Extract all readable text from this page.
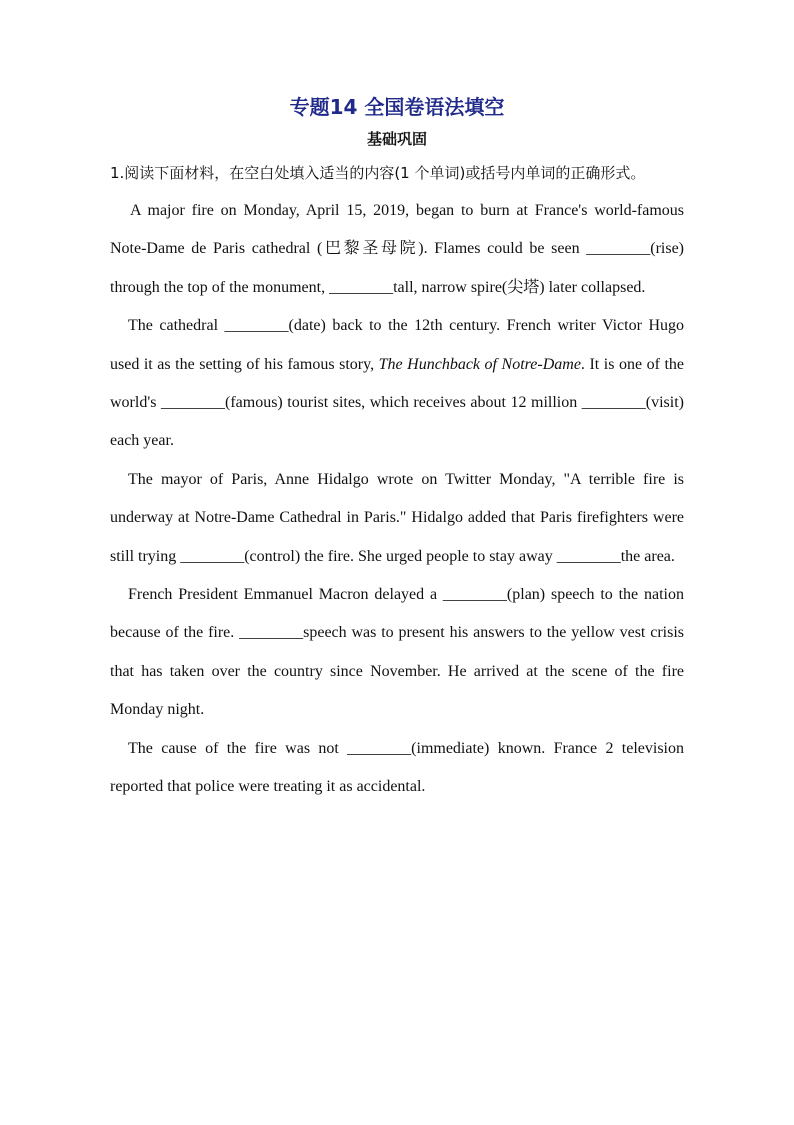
专题14 全国卷语法填空
基础巩固

1.阅读下面材料，在空白处填入适当的内容(1 个单词)或括号内单词的正确形式。

A major fire on Monday, April 15, 2019, began to burn at France's world-famous Note-Dame de Paris cathedral (巴黎圣母院). Flames could be seen ________(rise) through the top of the monument, ________tall, narrow spire(尖塔) later collapsed.

The cathedral ________(date) back to the 12th century. French writer Victor Hugo used it as the setting of his famous story, The Hunchback of Notre-Dame. It is one of the world's ________(famous) tourist sites, which receives about 12 million ________(visit) each year.

The mayor of Paris, Anne Hidalgo wrote on Twitter Monday, "A terrible fire is underway at Notre-Dame Cathedral in Paris." Hidalgo added that Paris firefighters were still trying ________(control) the fire. She urged people to stay away ________the area.

French President Emmanuel Macron delayed a ________(plan) speech to the nation because of the fire. ________speech was to present his answers to the yellow vest crisis that has taken over the country since November. He arrived at the scene of the fire Monday night.

The cause of the fire was not ________(immediate) known. France 2 television reported that police were treating it as accidental.
